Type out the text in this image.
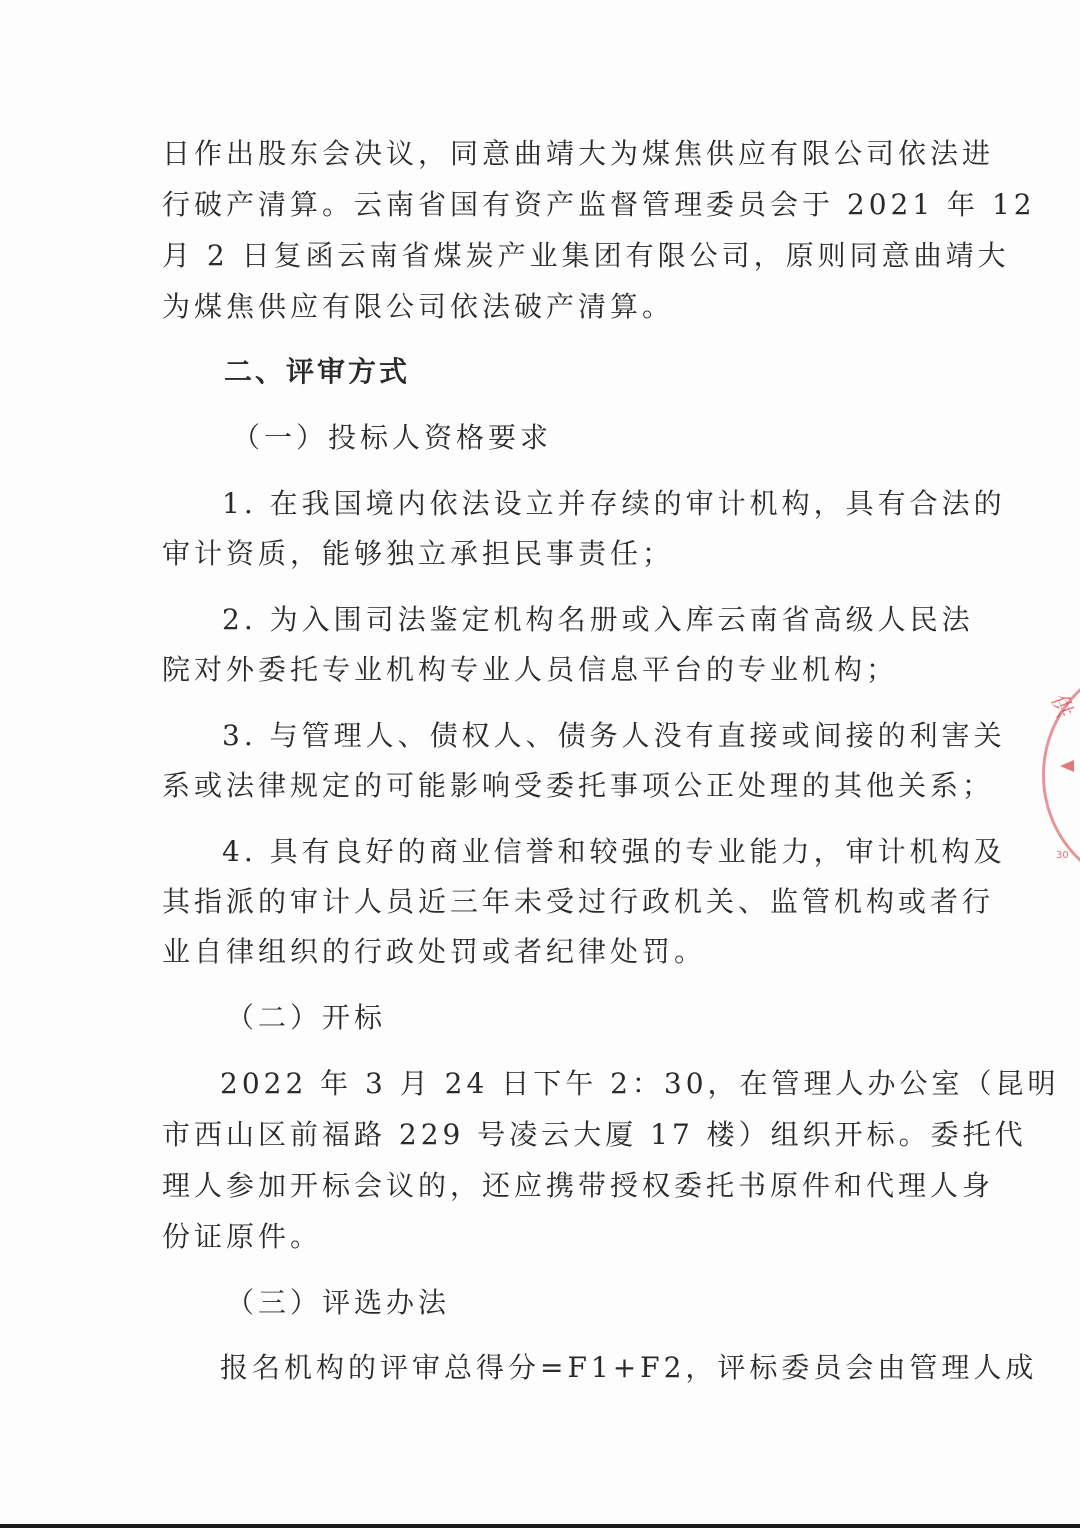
日作出股东会决议，同意曲靖大为煤焦供应有限公司依法进
行破产清算。云南省国有资产监督管理委员会于 2021 年 12
月 2 日复函云南省煤炭产业集团有限公司，原则同意曲靖大
为煤焦供应有限公司依法破产清算。
二、评审方式
（一）投标人资格要求
1. 在我国境内依法设立并存续的审计机构，具有合法的
审计资质，能够独立承担民事责任；
2. 为入围司法鉴定机构名册或入库云南省高级人民法
院对外委托专业机构专业人员信息平台的专业机构；
3. 与管理人、债权人、债务人没有直接或间接的利害关
系或法律规定的可能影响受委托事项公正处理的其他关系；
4. 具有良好的商业信誉和较强的专业能力，审计机构及
其指派的审计人员近三年未受过行政机关、监管机构或者行
业自律组织的行政处罚或者纪律处罚。
（二）开标
2022 年 3 月 24 日下午 2：30，在管理人办公室（昆明
市西山区前福路 229 号凌云大厦 17 楼）组织开标。委托代
理人参加开标会议的，还应携带授权委托书原件和代理人身
份证原件。
（三）评选办法
报名机构的评审总得分=F1+F2，评标委员会由管理人成
供
30
